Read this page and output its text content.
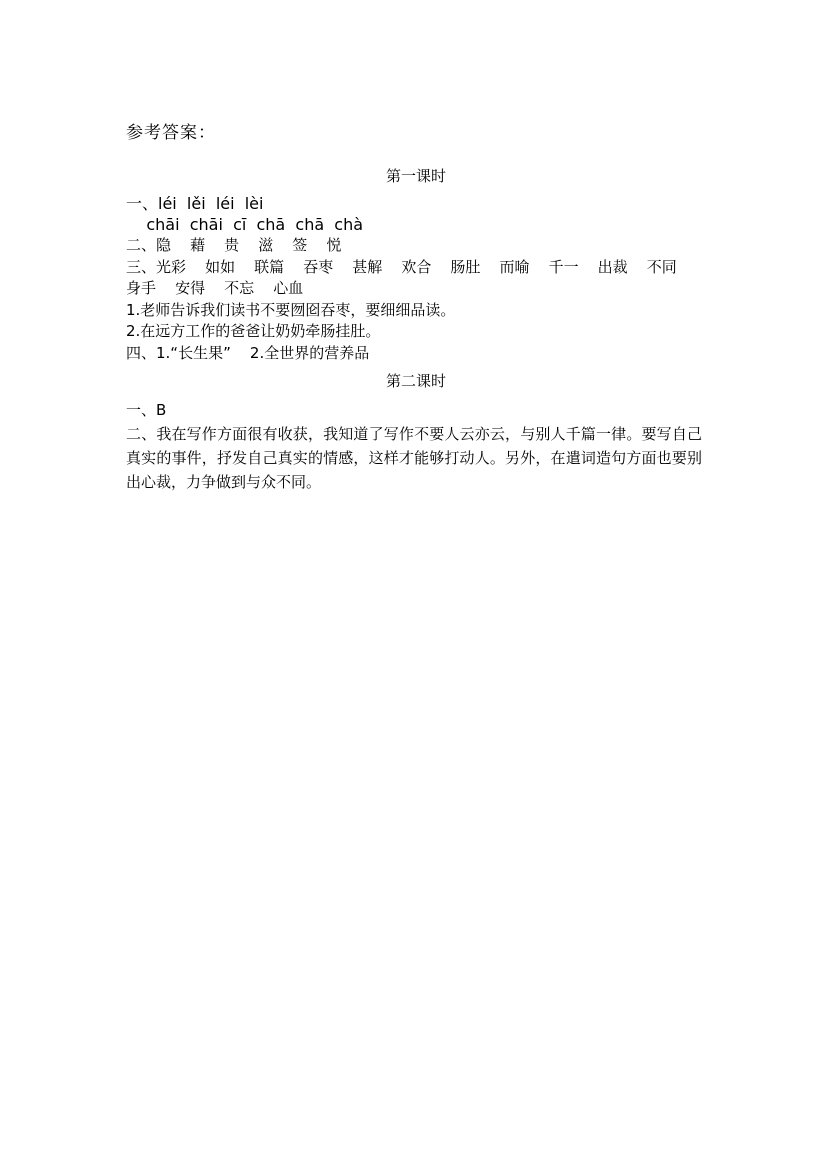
参考答案：

第一课时

一、léi  lěi  léi  lèi

chāi  chāi  cī  chā  chā  chà

二、隐    藉    贵    滋    签    悦

三、光彩    如如    联篇    吞枣    甚解    欢合    肠肚    而喻    千一    出裁    不同

身手    安得    不忘    心血

1.老师告诉我们读书不要囫囵吞枣，要细细品读。

2.在远方工作的爸爸让奶奶牵肠挂肚。

四、1.“长生果”    2.全世界的营养品

第二课时

一、B

二、我在写作方面很有收获，我知道了写作不要人云亦云，与别人千篇一律。要写自己真实的事件，抒发自己真实的情感，这样才能够打动人。另外，在遣词造句方面也要别出心裁，力争做到与众不同。
